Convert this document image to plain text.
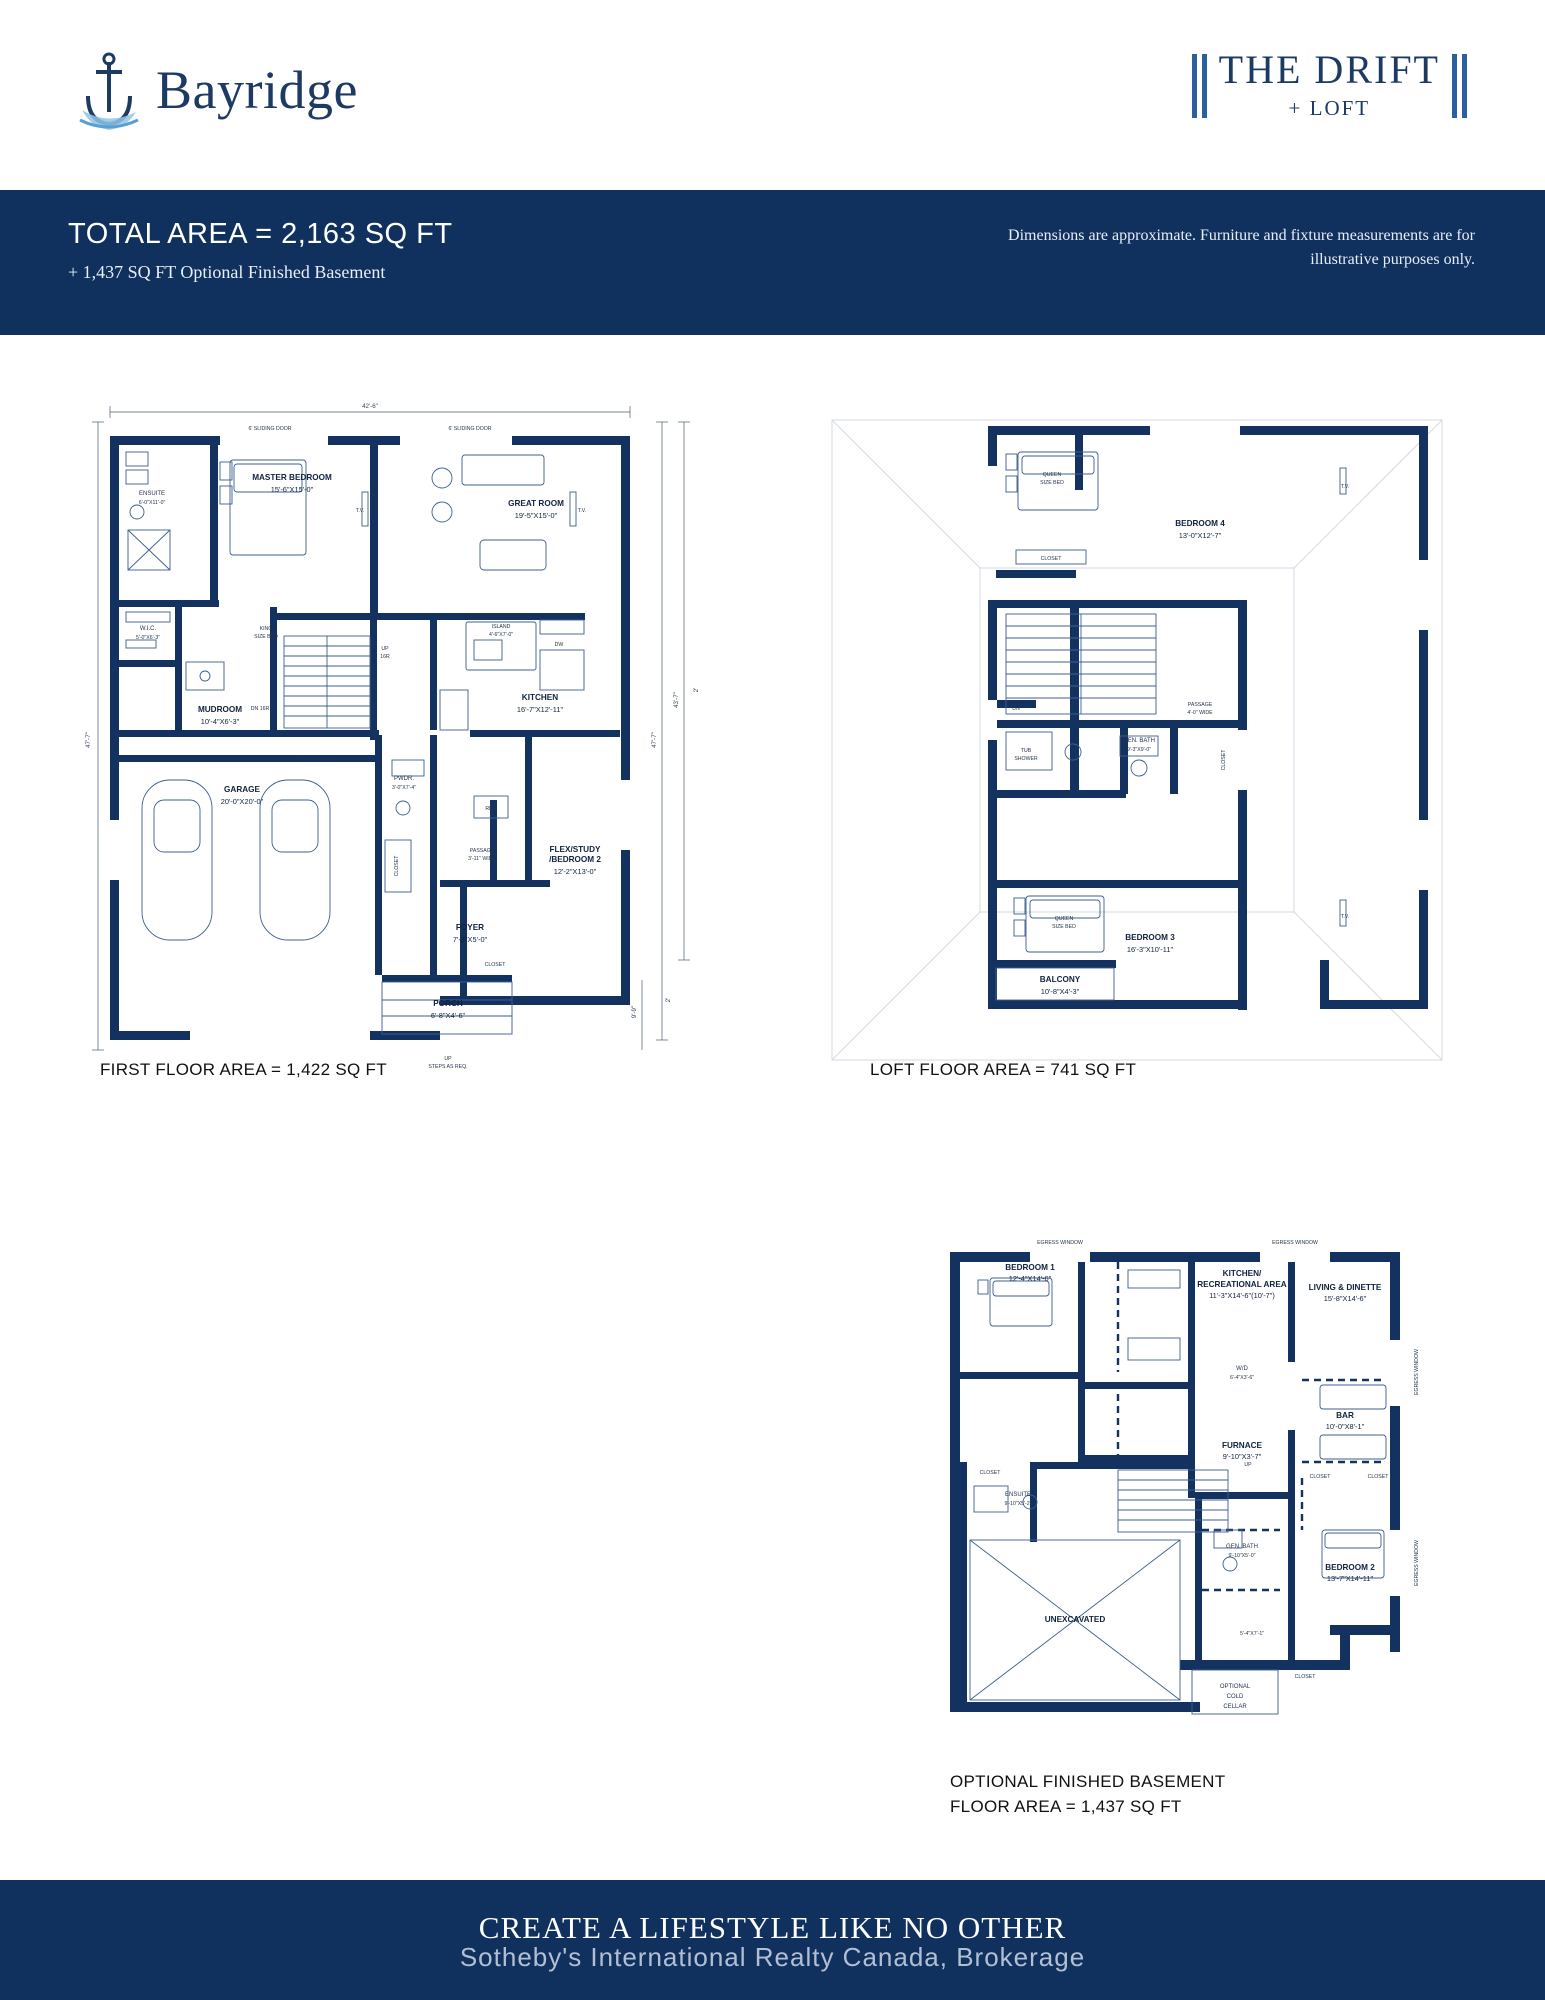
Bayridge	THE DRIFT
+ LOFT
TOTAL AREA = 2,163 SQ FT
+ 1,437 SQ FT Optional Finished Basement
Dimensions are approximate. Furniture and fixture measurements are for illustrative purposes only.
42'-6"
47'-7"	47'-7"
43'-7"
2'
9'-9"
2'
6' SLIDING DOOR	6' SLIDING DOOR
MASTER BEDROOM
15'-6"X15'-0"
GREAT ROOM
19'-5"X15'-0"
KITCHEN
16'-7"X12'-11"
GARAGE
20'-0"X20'-0"
MUDROOM
10'-4"X6'-3"
FLEX/STUDY
/BEDROOM 2
12'-2"X13'-0"
FOYER
7'-3"X5'-0"
PORCH
6'-8"X4'-6"
ENSUITE
6'-0"X11'-0"
W.I.C.
5'-0"X6'-3"
PWDR.
3'-0"X7'-4"
ISLAND
4'-6"X7'-0"
PASSAGE
3'-11" WIDE
KING
SIZE BED
T.V.	T.V.
UP
16R
DN 16R
STEPS AS REQ.
STEPS AS REQ.
UP
REF.
DW
CLOSET
CLOSET
FIRST FLOOR AREA = 1,422 SQ FT
BEDROOM 4
13'-0"X12'-7"
BEDROOM 3
16'-3"X10'-11"
GEN. BATH
9'-3"X9'-0"
BALCONY
10'-8"X4'-3"
QUEEN
SIZE BED
QUEEN
SIZE BED
T.V.
T.V.
CLOSET
CLOSET
DN
PASSAGE
4'-0" WIDE
TUB
SHOWER
LOFT FLOOR AREA = 741 SQ FT
BEDROOM 1
12'-4"X14'-6"
KITCHEN/
RECREATIONAL AREA
11'-3"X14'-6"(10'-7")
LIVING & DINETTE
15'-8"X14'-6"
BAR
10'-0"X8'-1"
FURNACE
9'-10"X3'-7"
W/D
6'-4"X3'-6"
ENSUITE
9'-10"X5'-2"
GEN. BATH
9'-10"X5'-0"
BEDROOM 2
13'-7"X14'-11"
UNEXCAVATED
5'-4"X7'-1"
OPTIONAL
COLD
CELLAR
EGRESS WINDOW	EGRESS WINDOW
EGRESS WINDOW
EGRESS WINDOW
CLOSET
CLOSET	CLOSET
CLOSET
UP
OPTIONAL FINISHED BASEMENT
FLOOR AREA = 1,437 SQ FT
CREATE A LIFESTYLE LIKE NO OTHER
Sotheby's International Realty Canada, Brokerage
